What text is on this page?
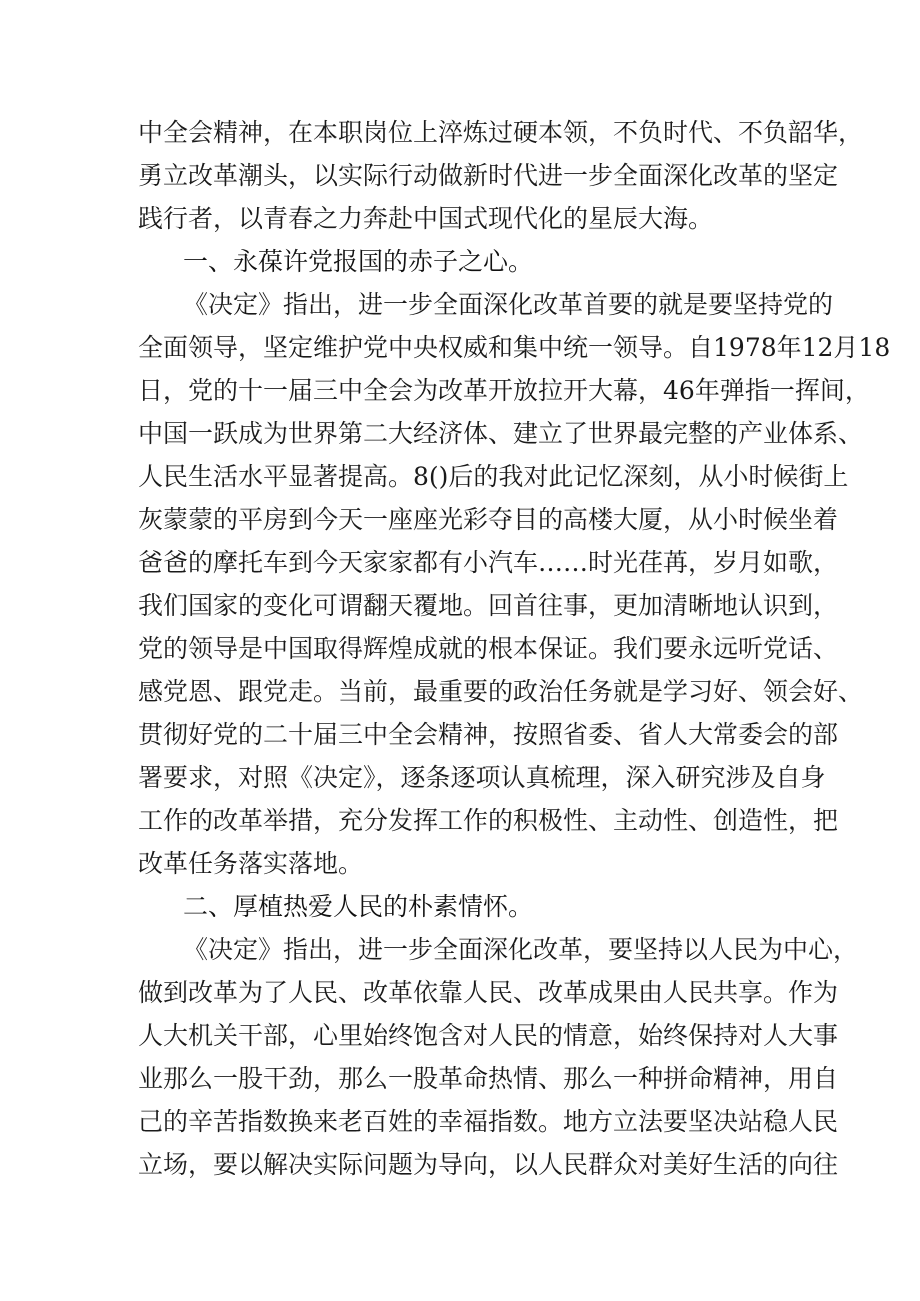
中全会精神，在本职岗位上淬炼过硬本领，不负时代、不负韶华，
勇立改革潮头，以实际行动做新时代进一步全面深化改革的坚定
践行者，以青春之力奔赴中国式现代化的星辰大海。
一、永葆许党报国的赤子之心。
《决定》指出，进一步全面深化改革首要的就是要坚持党的
全面领导，坚定维护党中央权威和集中统一领导。自1978年12月18
日，党的十一届三中全会为改革开放拉开大幕，46年弹指一挥间，
中国一跃成为世界第二大经济体、建立了世界最完整的产业体系、
人民生活水平显著提高。8()后的我对此记忆深刻，从小时候街上
灰蒙蒙的平房到今天一座座光彩夺目的高楼大厦，从小时候坐着
爸爸的摩托车到今天家家都有小汽车……时光荏苒，岁月如歌，
我们国家的变化可谓翻天覆地。回首往事，更加清晰地认识到，
党的领导是中国取得辉煌成就的根本保证。我们要永远听党话、
感党恩、跟党走。当前，最重要的政治任务就是学习好、领会好、
贯彻好党的二十届三中全会精神，按照省委、省人大常委会的部
署要求，对照《决定》，逐条逐项认真梳理，深入研究涉及自身
工作的改革举措，充分发挥工作的积极性、主动性、创造性，把
改革任务落实落地。
二、厚植热爱人民的朴素情怀。
《决定》指出，进一步全面深化改革，要坚持以人民为中心，
做到改革为了人民、改革依靠人民、改革成果由人民共享。作为
人大机关干部，心里始终饱含对人民的情意，始终保持对人大事
业那么一股干劲，那么一股革命热情、那么一种拼命精神，用自
己的辛苦指数换来老百姓的幸福指数。地方立法要坚决站稳人民
立场，要以解决实际问题为导向，以人民群众对美好生活的向往
